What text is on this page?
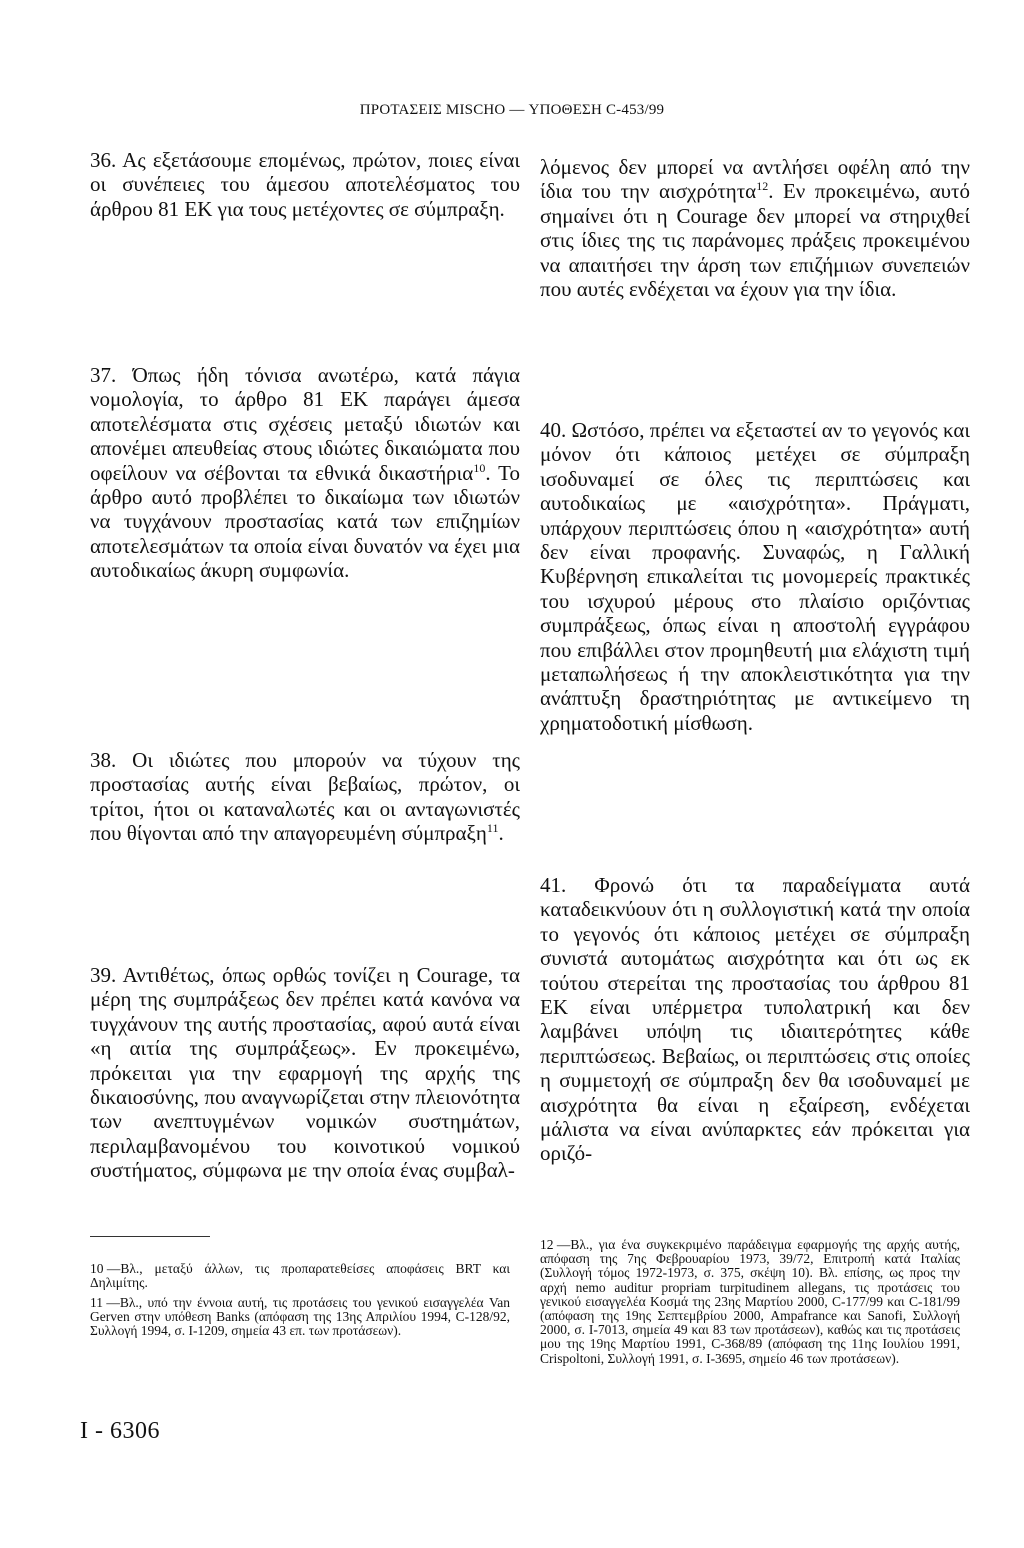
ΠΡΟΤΑΣΕΙΣ MISCHO — ΥΠΟΘΕΣΗ C-453/99

36. Ας εξετάσουμε επομένως, πρώτον, ποιες είναι οι συνέπειες του άμεσου αποτελέσματος του άρθρου 81 ΕΚ για τους μετέχοντες σε σύμπραξη.

37. Όπως ήδη τόνισα ανωτέρω, κατά πάγια νομολογία, το άρθρο 81 ΕΚ παράγει άμεσα αποτελέσματα στις σχέσεις μεταξύ ιδιωτών και απονέμει απευθείας στους ιδιώτες δικαιώματα που οφείλουν να σέβονται τα εθνικά δικαστήρια$^{10}$. Το άρθρο αυτό προβλέπει το δικαίωμα των ιδιωτών να τυγχάνουν προστασίας κατά των επιζημίων αποτελεσμάτων τα οποία είναι δυνατόν να έχει μια αυτοδικαίως άκυρη συμφωνία.

38. Οι ιδιώτες που μπορούν να τύχουν της προστασίας αυτής είναι βεβαίως, πρώτον, οι τρίτοι, ήτοι οι καταναλωτές και οι ανταγωνιστές που θίγονται από την απαγορευμένη σύμπραξη$^{11}$.

39. Αντιθέτως, όπως ορθώς τονίζει η Courage, τα μέρη της συμπράξεως δεν πρέπει κατά κανόνα να τυγχάνουν της αυτής προστασίας, αφού αυτά είναι «η αιτία της συμπράξεως». Εν προκειμένω, πρόκειται για την εφαρμογή της αρχής της δικαιοσύνης, που αναγνωρίζεται στην πλειονότητα των ανεπτυγμένων νομικών συστημάτων, περιλαμβανομένου του κοινοτικού νομικού συστήματος, σύμφωνα με την οποία ένας συμβαλ-

10 —Βλ., μεταξύ άλλων, τις προπαρατεθείσες αποφάσεις BRT και Δηλιμίτης.

11 —Βλ., υπό την έννοια αυτή, τις προτάσεις του γενικού εισαγγελέα Van Gerven στην υπόθεση Banks (απόφαση της 13ης Απριλίου 1994, C-128/92, Συλλογή 1994, σ. I-1209, σημεία 43 επ. των προτάσεων).

I - 6306

λόμενος δεν μπορεί να αντλήσει οφέλη από την ίδια του την αισχρότητα$^{12}$. Εν προκειμένω, αυτό σημαίνει ότι η Courage δεν μπορεί να στηριχθεί στις ίδιες της τις παράνομες πράξεις προκειμένου να απαιτήσει την άρση των επιζήμιων συνεπειών που αυτές ενδέχεται να έχουν για την ίδια.

40. Ωστόσο, πρέπει να εξεταστεί αν το γεγονός και μόνον ότι κάποιος μετέχει σε σύμπραξη ισοδυναμεί σε όλες τις περιπτώσεις και αυτοδικαίως με «αισχρότητα». Πράγματι, υπάρχουν περιπτώσεις όπου η «αισχρότητα» αυτή δεν είναι προφανής. Συναφώς, η Γαλλική Κυβέρνηση επικαλείται τις μονομερείς πρακτικές του ισχυρού μέρους στο πλαίσιο οριζόντιας συμπράξεως, όπως είναι η αποστολή εγγράφου που επιβάλλει στον προμηθευτή μια ελάχιστη τιμή μεταπωλήσεως ή την αποκλειστικότητα για την ανάπτυξη δραστηριότητας με αντικείμενο τη χρηματοδοτική μίσθωση.

41. Φρονώ ότι τα παραδείγματα αυτά καταδεικνύουν ότι η συλλογιστική κατά την οποία το γεγονός ότι κάποιος μετέχει σε σύμπραξη συνιστά αυτομάτως αισχρότητα και ότι ως εκ τούτου στερείται της προστασίας του άρθρου 81 ΕΚ είναι υπέρμετρα τυπολατρική και δεν λαμβάνει υπόψη τις ιδιαιτερότητες κάθε περιπτώσεως. Βεβαίως, οι περιπτώσεις στις οποίες η συμμετοχή σε σύμπραξη δεν θα ισοδυναμεί με αισχρότητα θα είναι η εξαίρεση, ενδέχεται μάλιστα να είναι ανύπαρκτες εάν πρόκειται για οριζό-

12 —Βλ., για ένα συγκεκριμένο παράδειγμα εφαρμογής της αρχής αυτής, απόφαση της 7ης Φεβρουαρίου 1973, 39/72, Επιτροπή κατά Ιταλίας (Συλλογή τόμος 1972-1973, σ. 375, σκέψη 10). Βλ. επίσης, ως προς την αρχή nemo auditur propriam turpitudinem allegans, τις προτάσεις του γενικού εισαγγελέα Κοσμά της 23ης Μαρτίου 2000, C-177/99 και C-181/99 (απόφαση της 19ης Σεπτεμβρίου 2000, Ampafrance και Sanofi, Συλλογή 2000, σ. I-7013, σημεία 49 και 83 των προτάσεων), καθώς και τις προτάσεις μου της 19ης Μαρτίου 1991, C-368/89 (απόφαση της 11ης Ιουλίου 1991, Crispoltoni, Συλλογή 1991, σ. I-3695, σημείο 46 των προτάσεων).
